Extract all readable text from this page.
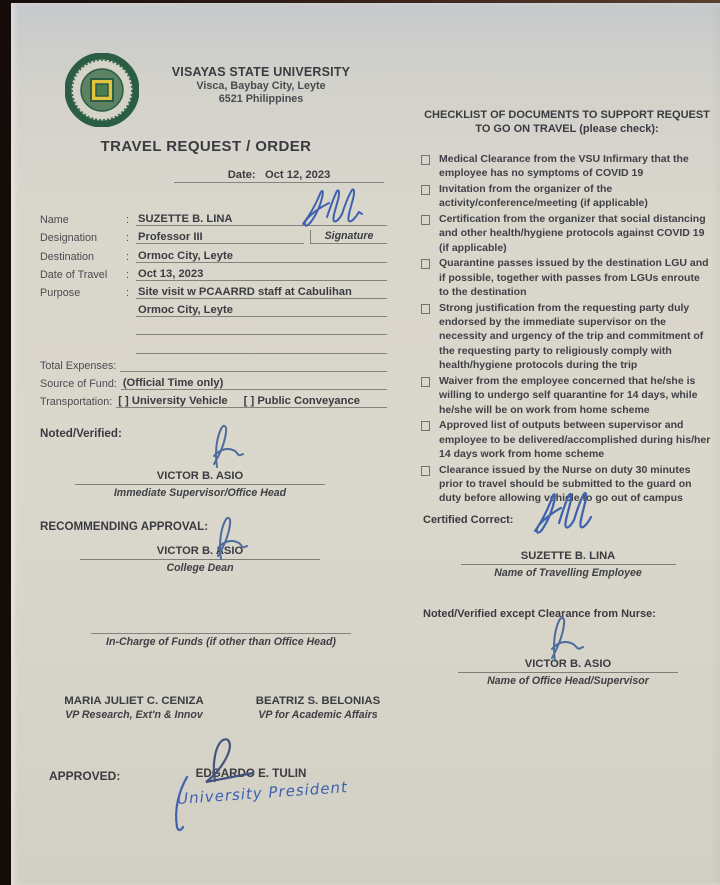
VISAYAS STATE UNIVERSITY
Visca, Baybay City, Leyte
6521 Philippines
TRAVEL REQUEST / ORDER
Date: Oct 12, 2023
Name	: SUZETTE B. LINA
Designation	: Professor III	Signature
Destination	: Ormoc City, Leyte
Date of Travel	: Oct 13, 2023
Purpose	: Site visit w PCAARRD staff at Cabulihan
Ormoc City, Leyte
Total Expenses:
Source of Fund: (Official Time only)
Transportation: [ ] University Vehicle [ ] Public Conveyance
Noted/Verified:
VICTOR B. ASIO
Immediate Supervisor/Office Head
RECOMMENDING APPROVAL:
VICTOR B. ASIO
College Dean
In-Charge of Funds (if other than Office Head)
MARIA JULIET C. CENIZA
VP Research, Ext'n & Innov
BEATRIZ S. BELONIAS
VP for Academic Affairs
APPROVED:	EDGARDO E. TULIN
University President
CHECKLIST OF DOCUMENTS TO SUPPORT REQUEST
TO GO ON TRAVEL (please check):
Medical Clearance from the VSU Infirmary that the employee has no symptoms of COVID 19
Invitation from the organizer of the activity/conference/meeting (if applicable)
Certification from the organizer that social distancing and other health/hygiene protocols against COVID 19 (if applicable)
Quarantine passes issued by the destination LGU and if possible, together with passes from LGUs enroute to the destination
Strong justification from the requesting party duly endorsed by the immediate supervisor on the necessity and urgency of the trip and commitment of the requesting party to religiously comply with health/hygiene protocols during the trip
Waiver from the employee concerned that he/she is willing to undergo self quarantine for 14 days, while he/she will be on work from home scheme
Approved list of outputs between supervisor and employee to be delivered/accomplished during his/her 14 days work from home scheme
Clearance issued by the Nurse on duty 30 minutes prior to travel should be submitted to the guard on duty before allowing vehicle to go out of campus
Certified Correct:
SUZETTE B. LINA
Name of Travelling Employee
Noted/Verified except Clearance from Nurse:
VICTOR B. ASIO
Name of Office Head/Supervisor
